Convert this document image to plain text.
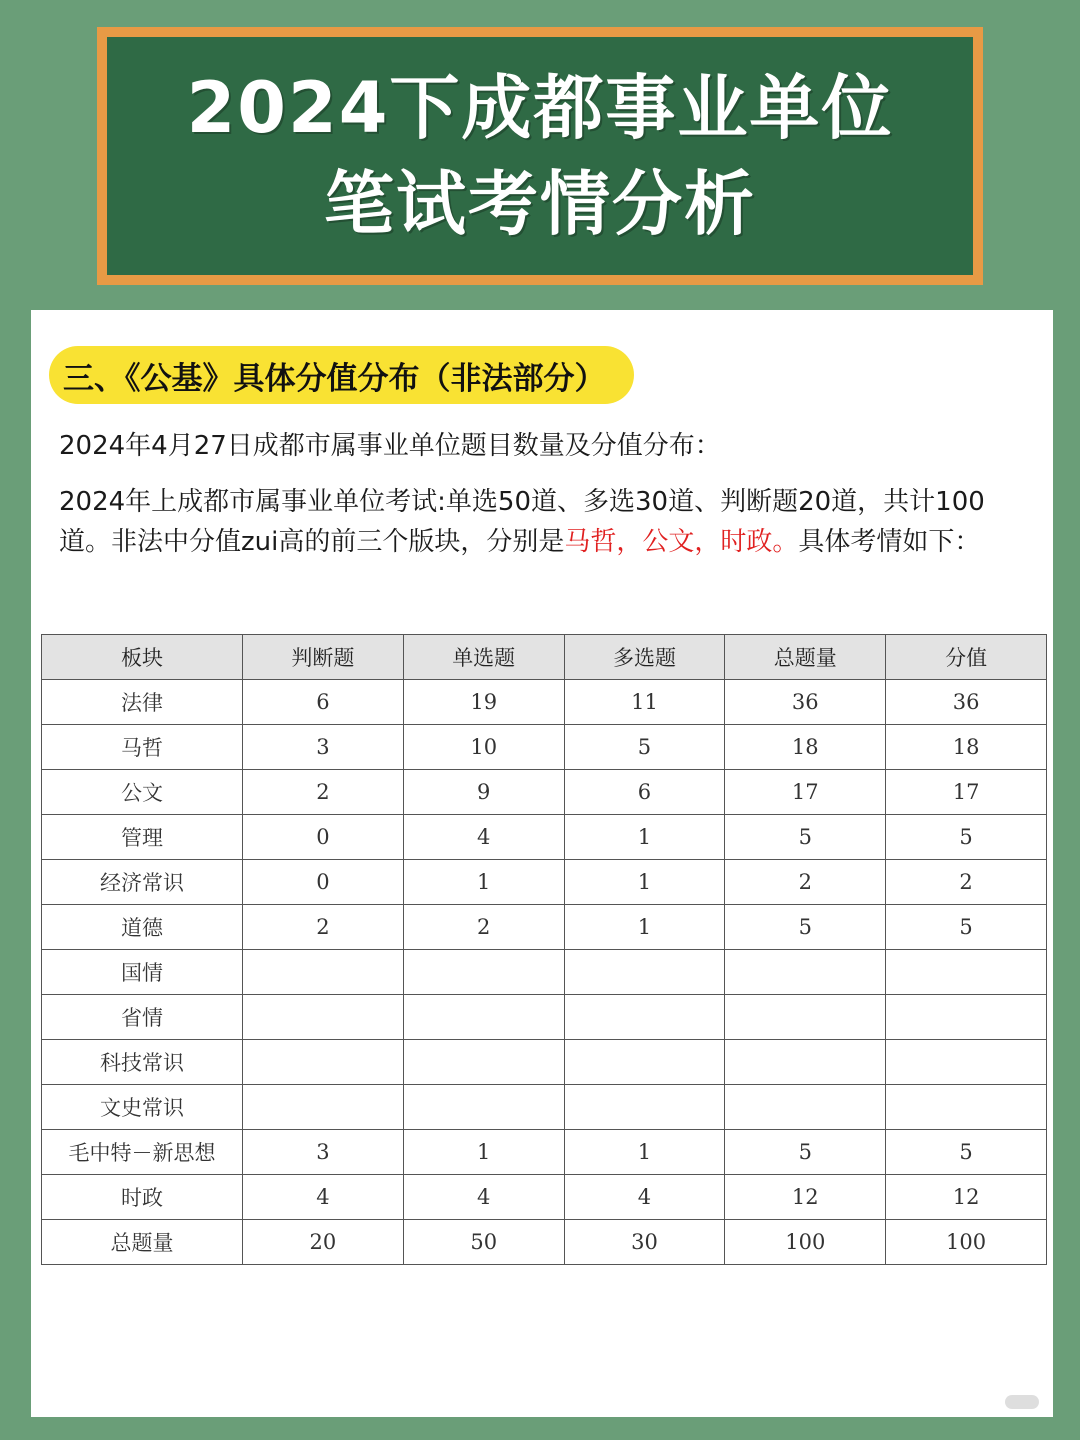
2024下成都事业单位
笔试考情分析
三、《公基》具体分值分布（非法部分）
2024年4月27日成都市属事业单位题目数量及分值分布：
2024年上成都市属事业单位考试:单选50道、多选30道、判断题20道，共计100道。非法中分值zui高的前三个版块，分别是马哲，公文，时政。具体考情如下：
板块	判断题	单选题	多选题	总题量	分值
法律	6	19	11	36	36
马哲	3	10	5	18	18
公文	2	9	6	17	17
管理	0	4	1	5	5
经济常识	0	1	1	2	2
道德	2	2	1	5	5
国情					
省情					
科技常识					
文史常识					
毛中特－新思想	3	1	1	5	5
时政	4	4	4	12	12
总题量	20	50	30	100	100
